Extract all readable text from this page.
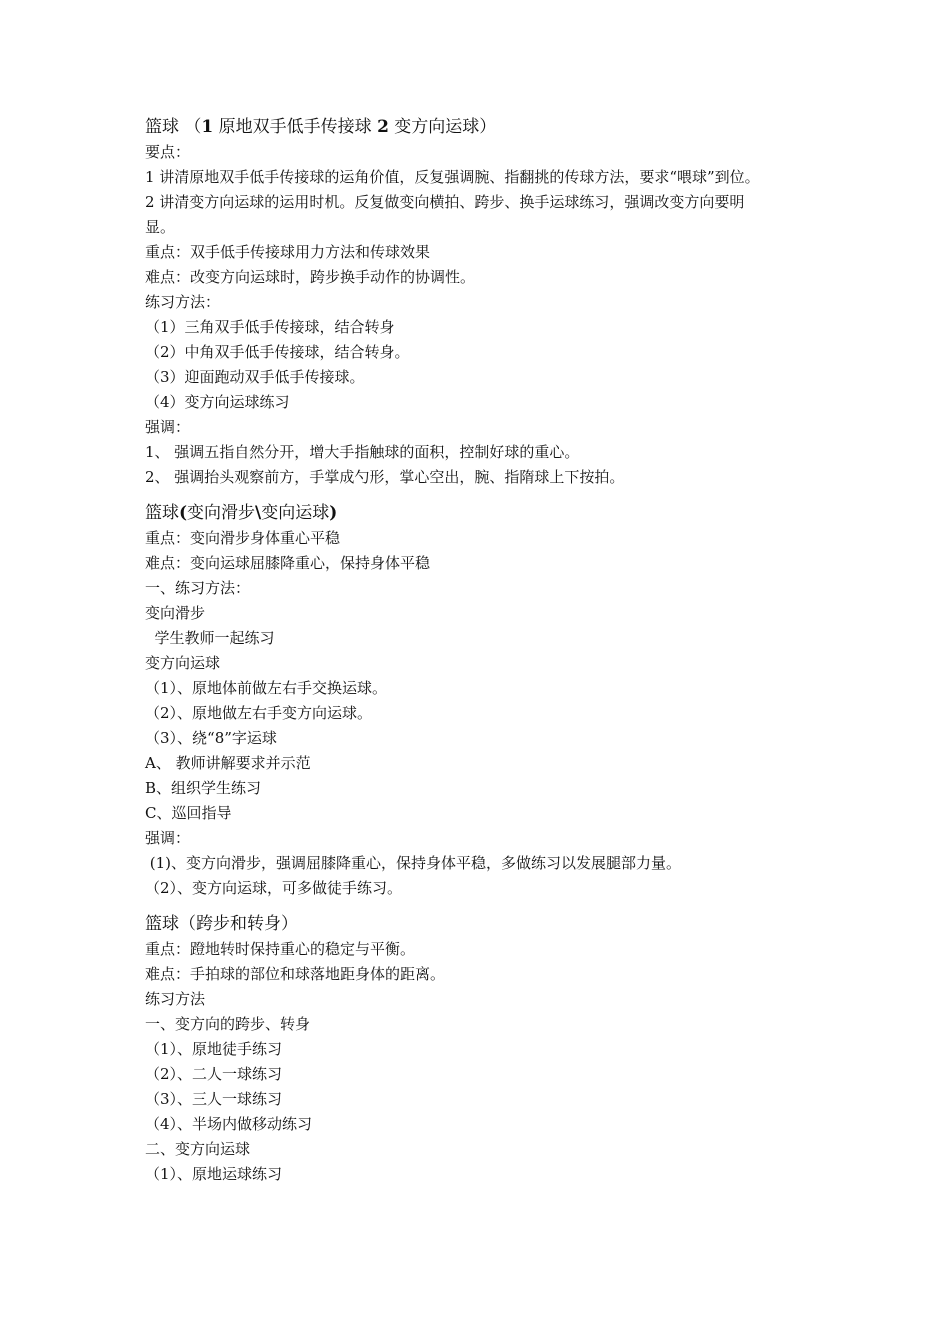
篮球 （1 原地双手低手传接球 2 变方向运球）
要点：
1 讲清原地双手低手传接球的运角价值，反复强调腕、指翻挑的传球方法，要求“喂球”到位。
2 讲清变方向运球的运用时机。反复做变向横拍、跨步、换手运球练习，强调改变方向要明
显。
重点：双手低手传接球用力方法和传球效果
难点：改变方向运球时，跨步换手动作的协调性。
练习方法：
（1）三角双手低手传接球，结合转身
（2）中角双手低手传接球，结合转身。
（3）迎面跑动双手低手传接球。
（4）变方向运球练习
强调：
1、 强调五指自然分开，增大手指触球的面积，控制好球的重心。
2、 强调抬头观察前方，手掌成勺形，掌心空出，腕、指隋球上下按拍。
篮球(变向滑步\变向运球)
重点：变向滑步身体重心平稳
难点：变向运球屈膝降重心，保持身体平稳
一、练习方法：
变向滑步
学生教师一起练习
变方向运球
（1）、原地体前做左右手交换运球。
（2）、原地做左右手变方向运球。
（3）、绕“8”字运球
A、 教师讲解要求并示范
B、组织学生练习
C、巡回指导
强调：
(1)、变方向滑步，强调屈膝降重心，保持身体平稳，多做练习以发展腿部力量。
（2）、变方向运球，可多做徒手练习。
篮球（跨步和转身）
重点：蹬地转时保持重心的稳定与平衡。
难点：手拍球的部位和球落地距身体的距离。
练习方法
一、变方向的跨步、转身
（1）、原地徒手练习
（2）、二人一球练习
（3）、三人一球练习
（4）、半场内做移动练习
二、变方向运球
（1）、原地运球练习
